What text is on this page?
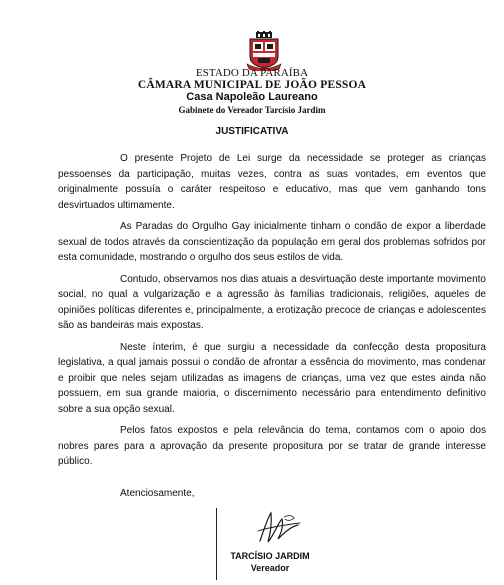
ESTADO DA PARAÍBA
CÂMARA MUNICIPAL DE JOÃO PESSOA
Casa Napoleão Laureano
Gabinete do Vereador Tarcísio Jardim
JUSTIFICATIVA

O presente Projeto de Lei surge da necessidade se proteger as crianças pessoenses da participação, muitas vezes, contra as suas vontades, em eventos que originalmente possuía o caráter respeitoso e educativo, mas que vem ganhando tons desvirtuados ultimamente.

As Paradas do Orgulho Gay inicialmente tinham o condão de expor a liberdade sexual de todos através da conscientização da população em geral dos problemas sofridos por esta comunidade, mostrando o orgulho dos seus estilos de vida.

Contudo, observamos nos dias atuais a desvirtuação deste importante movimento social, no qual a vulgarização e a agressão às famílias tradicionais, religiões, aqueles de opiniões políticas diferentes e, principalmente, a erotização precoce de crianças e adolescentes são as bandeiras mais expostas.

Neste ínterim, é que surgiu a necessidade da confecção desta propositura legislativa, a qual jamais possui o condão de afrontar a essência do movimento, mas condenar e proibir que neles sejam utilizadas as imagens de crianças, uma vez que estes ainda não possuem, em sua grande maioria, o discernimento necessário para entendimento definitivo sobre a sua opção sexual.

Pelos fatos expostos e pela relevância do tema, contamos com o apoio dos nobres pares para a aprovação da presente propositura por se tratar de grande interesse público.

Atenciosamente,
TARCÍSIO JARDIM
Vereador
